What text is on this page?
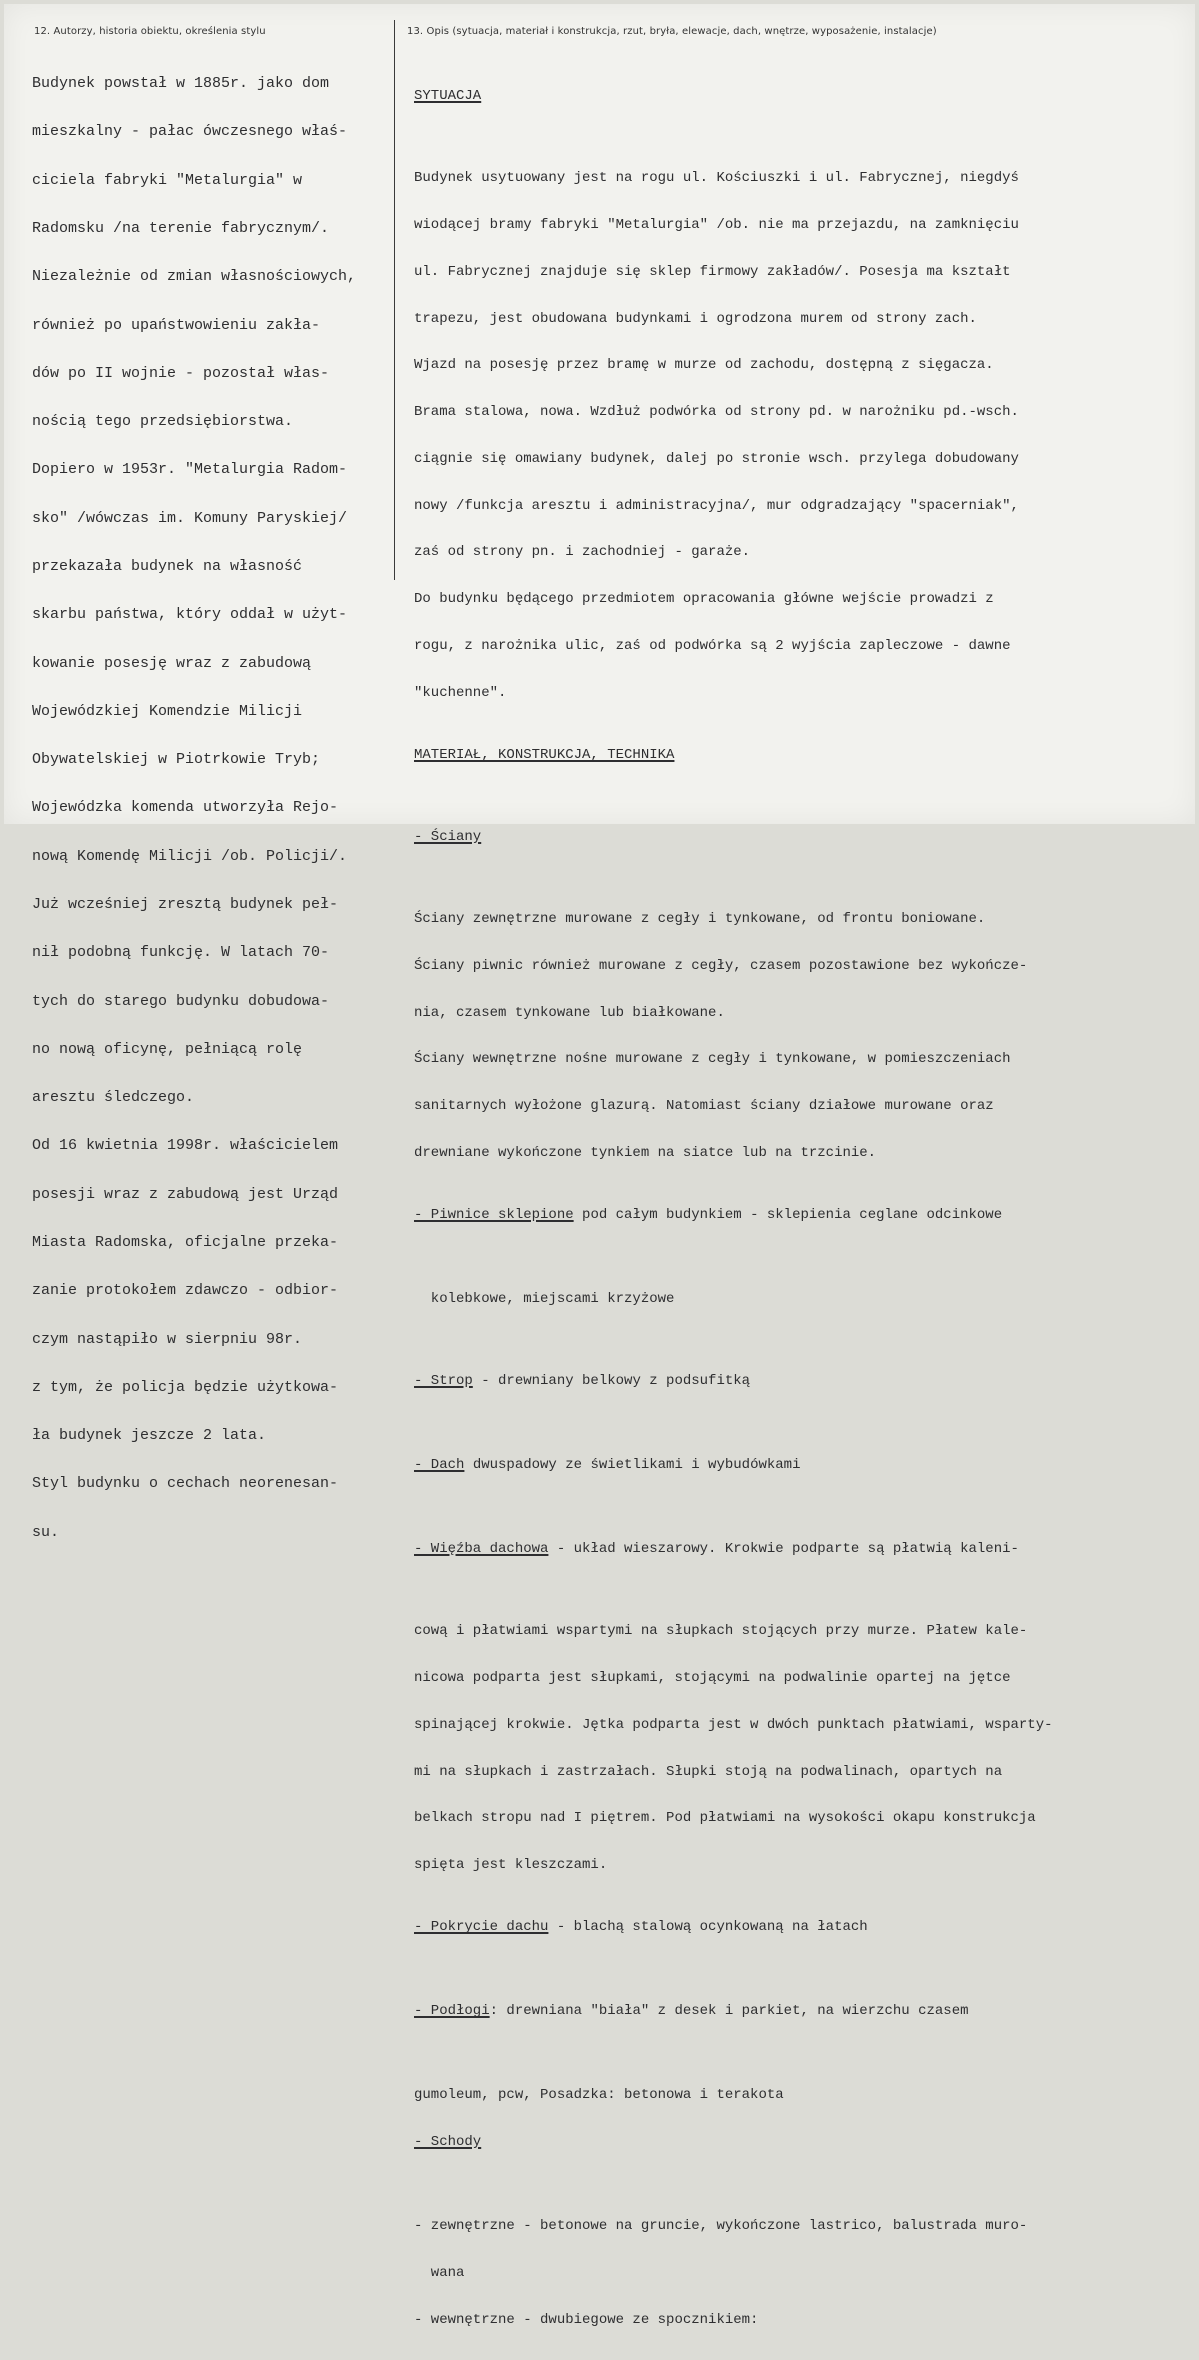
12. Autorzy, historia obiektu, określenia stylu	13. Opis (sytuacja, materiał i konstrukcja, rzut, bryła, elewacje, dach, wnętrze, wyposażenie, instalacje)

Budynek powstał w 1885r. jako dom

mieszkalny - pałac ówczesnego właś-

ciciela fabryki "Metalurgia" w

Radomsku /na terenie fabrycznym/.

Niezależnie od zmian własnościowych,

również po upaństwowieniu zakła-

dów po II wojnie - pozostał włas-

nością tego przedsiębiorstwa.

Dopiero w 1953r. "Metalurgia Radom-

sko" /wówczas im. Komuny Paryskiej/

przekazała budynek na własność

skarbu państwa, który oddał w użyt-

kowanie posesję wraz z zabudową

Wojewódzkiej Komendzie Milicji

Obywatelskiej w Piotrkowie Tryb;

Wojewódzka komenda utworzyła Rejo-

nową Komendę Milicji /ob. Policji/.

Już wcześniej zresztą budynek peł-

nił podobną funkcję. W latach 70-

tych do starego budynku dobudowa-

no nową oficynę, pełniącą rolę

aresztu śledczego.

Od 16 kwietnia 1998r. właścicielem

posesji wraz z zabudową jest Urząd

Miasta Radomska, oficjalne przeka-

zanie protokołem zdawczo - odbior-

czym nastąpiło w sierpniu 98r.

z tym, że policja będzie użytkowa-

ła budynek jeszcze 2 lata.

Styl budynku o cechach neorenesan-

su.

SYTUACJA

Budynek usytuowany jest na rogu ul. Kościuszki i ul. Fabrycznej, niegdyś

wiodącej bramy fabryki "Metalurgia" /ob. nie ma przejazdu, na zamknięciu

ul. Fabrycznej znajduje się sklep firmowy zakładów/. Posesja ma kształt

trapezu, jest obudowana budynkami i ogrodzona murem od strony zach.

Wjazd na posesję przez bramę w murze od zachodu, dostępną z sięgacza.

Brama stalowa, nowa. Wzdłuż podwórka od strony pd. w narożniku pd.-wsch.

ciągnie się omawiany budynek, dalej po stronie wsch. przylega dobudowany

nowy /funkcja aresztu i administracyjna/, mur odgradzający "spacerniak",

zaś od strony pn. i zachodniej - garaże.

Do budynku będącego przedmiotem opracowania główne wejście prowadzi z

rogu, z narożnika ulic, zaś od podwórka są 2 wyjścia zapleczowe - dawne

"kuchenne".

MATERIAŁ, KONSTRUKCJA, TECHNIKA

- Ściany

Ściany zewnętrzne murowane z cegły i tynkowane, od frontu boniowane.

Ściany piwnic również murowane z cegły, czasem pozostawione bez wykończe-

nia, czasem tynkowane lub białkowane.

Ściany wewnętrzne nośne murowane z cegły i tynkowane, w pomieszczeniach

sanitarnych wyłożone glazurą. Natomiast ściany działowe murowane oraz

drewniane wykończone tynkiem na siatce lub na trzcinie.

- Piwnice sklepione pod całym budynkiem - sklepienia ceglane odcinkowe

kolebkowe, miejscami krzyżowe

- Strop - drewniany belkowy z podsufitką

- Dach dwuspadowy ze świetlikami i wybudówkami

- Więźba dachowa - układ wieszarowy. Krokwie podparte są płatwią kaleni-

cową i płatwiami wspartymi na słupkach stojących przy murze. Płatew kale-

nicowa podparta jest słupkami, stojącymi na podwalinie opartej na jętce

spinającej krokwie. Jętka podparta jest w dwóch punktach płatwiami, wsparty-

mi na słupkach i zastrzałach. Słupki stoją na podwalinach, opartych na

belkach stropu nad I piętrem. Pod płatwiami na wysokości okapu konstrukcja

spięta jest kleszczami.

- Pokrycie dachu - blachą stalową ocynkowaną na łatach

- Podłogi: drewniana "biała" z desek i parkiet, na wierzchu czasem

gumoleum, pcw, Posadzka: betonowa i terakota

- Schody

- zewnętrzne - betonowe na gruncie, wykończone lastrico, balustrada muro-

wana

- wewnętrzne - dwubiegowe ze spocznikiem:
